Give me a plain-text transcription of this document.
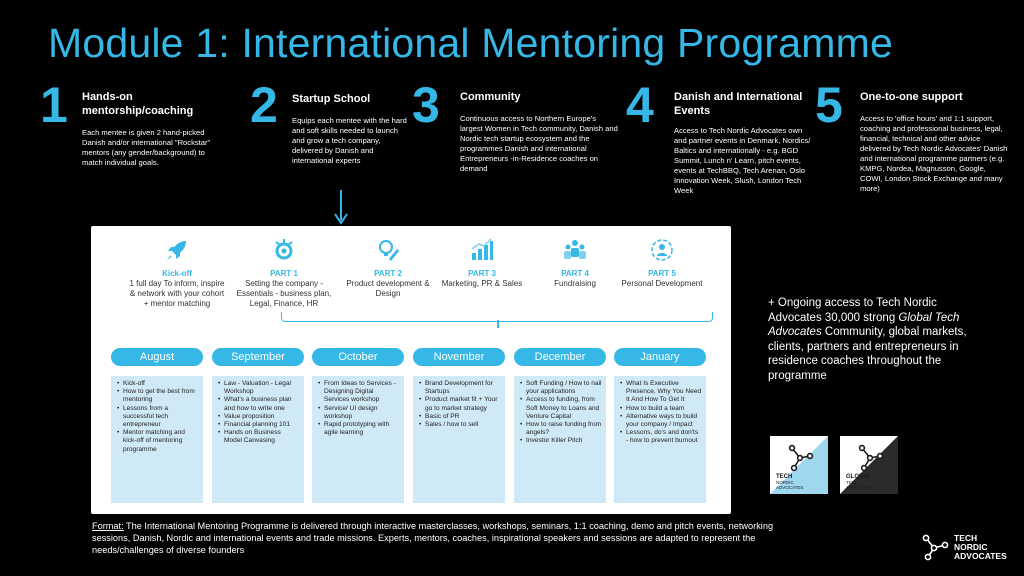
Module 1: International Mentoring Programme
1 Hands-on mentorship/coaching
Each mentee is given 2 hand-picked Danish and/or international "Rockstar" mentors (any gender/background) to match individual goals.
2 Startup School
Equips each mentee with the hard and soft skills needed to launch and grow a tech company, delivered by Danish and international experts
3 Community
Continuous access to Northern Europe's largest Women in Tech community, Danish and Nordic tech startup ecosystem and the programmes Danish and international Entrepreneurs -in-Residence coaches on demand
4 Danish and International Events
Access to Tech Nordic Advocates own and partner events in Denmark, Nordics/ Baltics and internationally - e.g. BGD Summit, Lunch n' Learn, pitch events, events at TechBBQ, Tech Arenan, Oslo Innovation Week, Slush, London Tech Week
5 One-to-one support
Access to 'office hours' and 1:1 support, coaching and professional business, legal, financial, technical and other advice delivered by Tech Nordic Advocates' Danish and international programme partners (e.g. KMPG, Nordea, Magnusson, Google, COWI, London Stock Exchange and many more)
Kick-off
1 full day To inform, inspire & network with your cohort + mentor matching
PART 1
Setting the company - Essentials - business plan, Legal, Finance, HR
PART 2
Product development & Design
PART 3
Marketing, PR & Sales
PART 4
Fundraising
PART 5
Personal Development
August
• Kick-off
• How to get the best from mentoring
• Lessons from a successful tech entrepreneur
• Mentor matching and kick-off of mentoring programme
September
• Law - Valuation - Legal Workshop
• What's a business plan and how to write one
• Value proposition
• Financial planning 101
• Hands on Business Model Canvasing
October
• From Ideas to Services - Designing Digital Services workshop
• Service/ UI design workshop
• Rapid prototyping with agile learning
November
• Brand Development for Startups
• Product market fit + Your go to market strategy
• Basic of PR
• Sales / how to sell
December
• Soft Funding / How to nail your applications
• Access to funding, from Soft Money to Loans and Venture Capital
• How to raise funding from angels?
• Investor Killer Pitch
January
• What Is Executive Presence, Why You Need It And How To Get It
• How to build a team
• Alternative ways to build your company / Impact
• Lessons, do's and don'ts - how to prevent burnout
+ Ongoing access to Tech Nordic Advocates 30,000 strong Global Tech Advocates Community, global markets, clients, partners and entrepreneurs in residence coaches throughout the programme
TECH
NORDIC
ADVOCATES
GLOBAL
TECH
ADVOCATES
Format: The International Mentoring Programme is delivered through interactive masterclasses, workshops, seminars, 1:1 coaching, demo and pitch events, networking sessions, Danish, Nordic and international events and trade missions. Experts, mentors, coaches, inspirational speakers and sessions are adapted to represent the needs/challenges of diverse founders
TECH
NORDIC
ADVOCATES
